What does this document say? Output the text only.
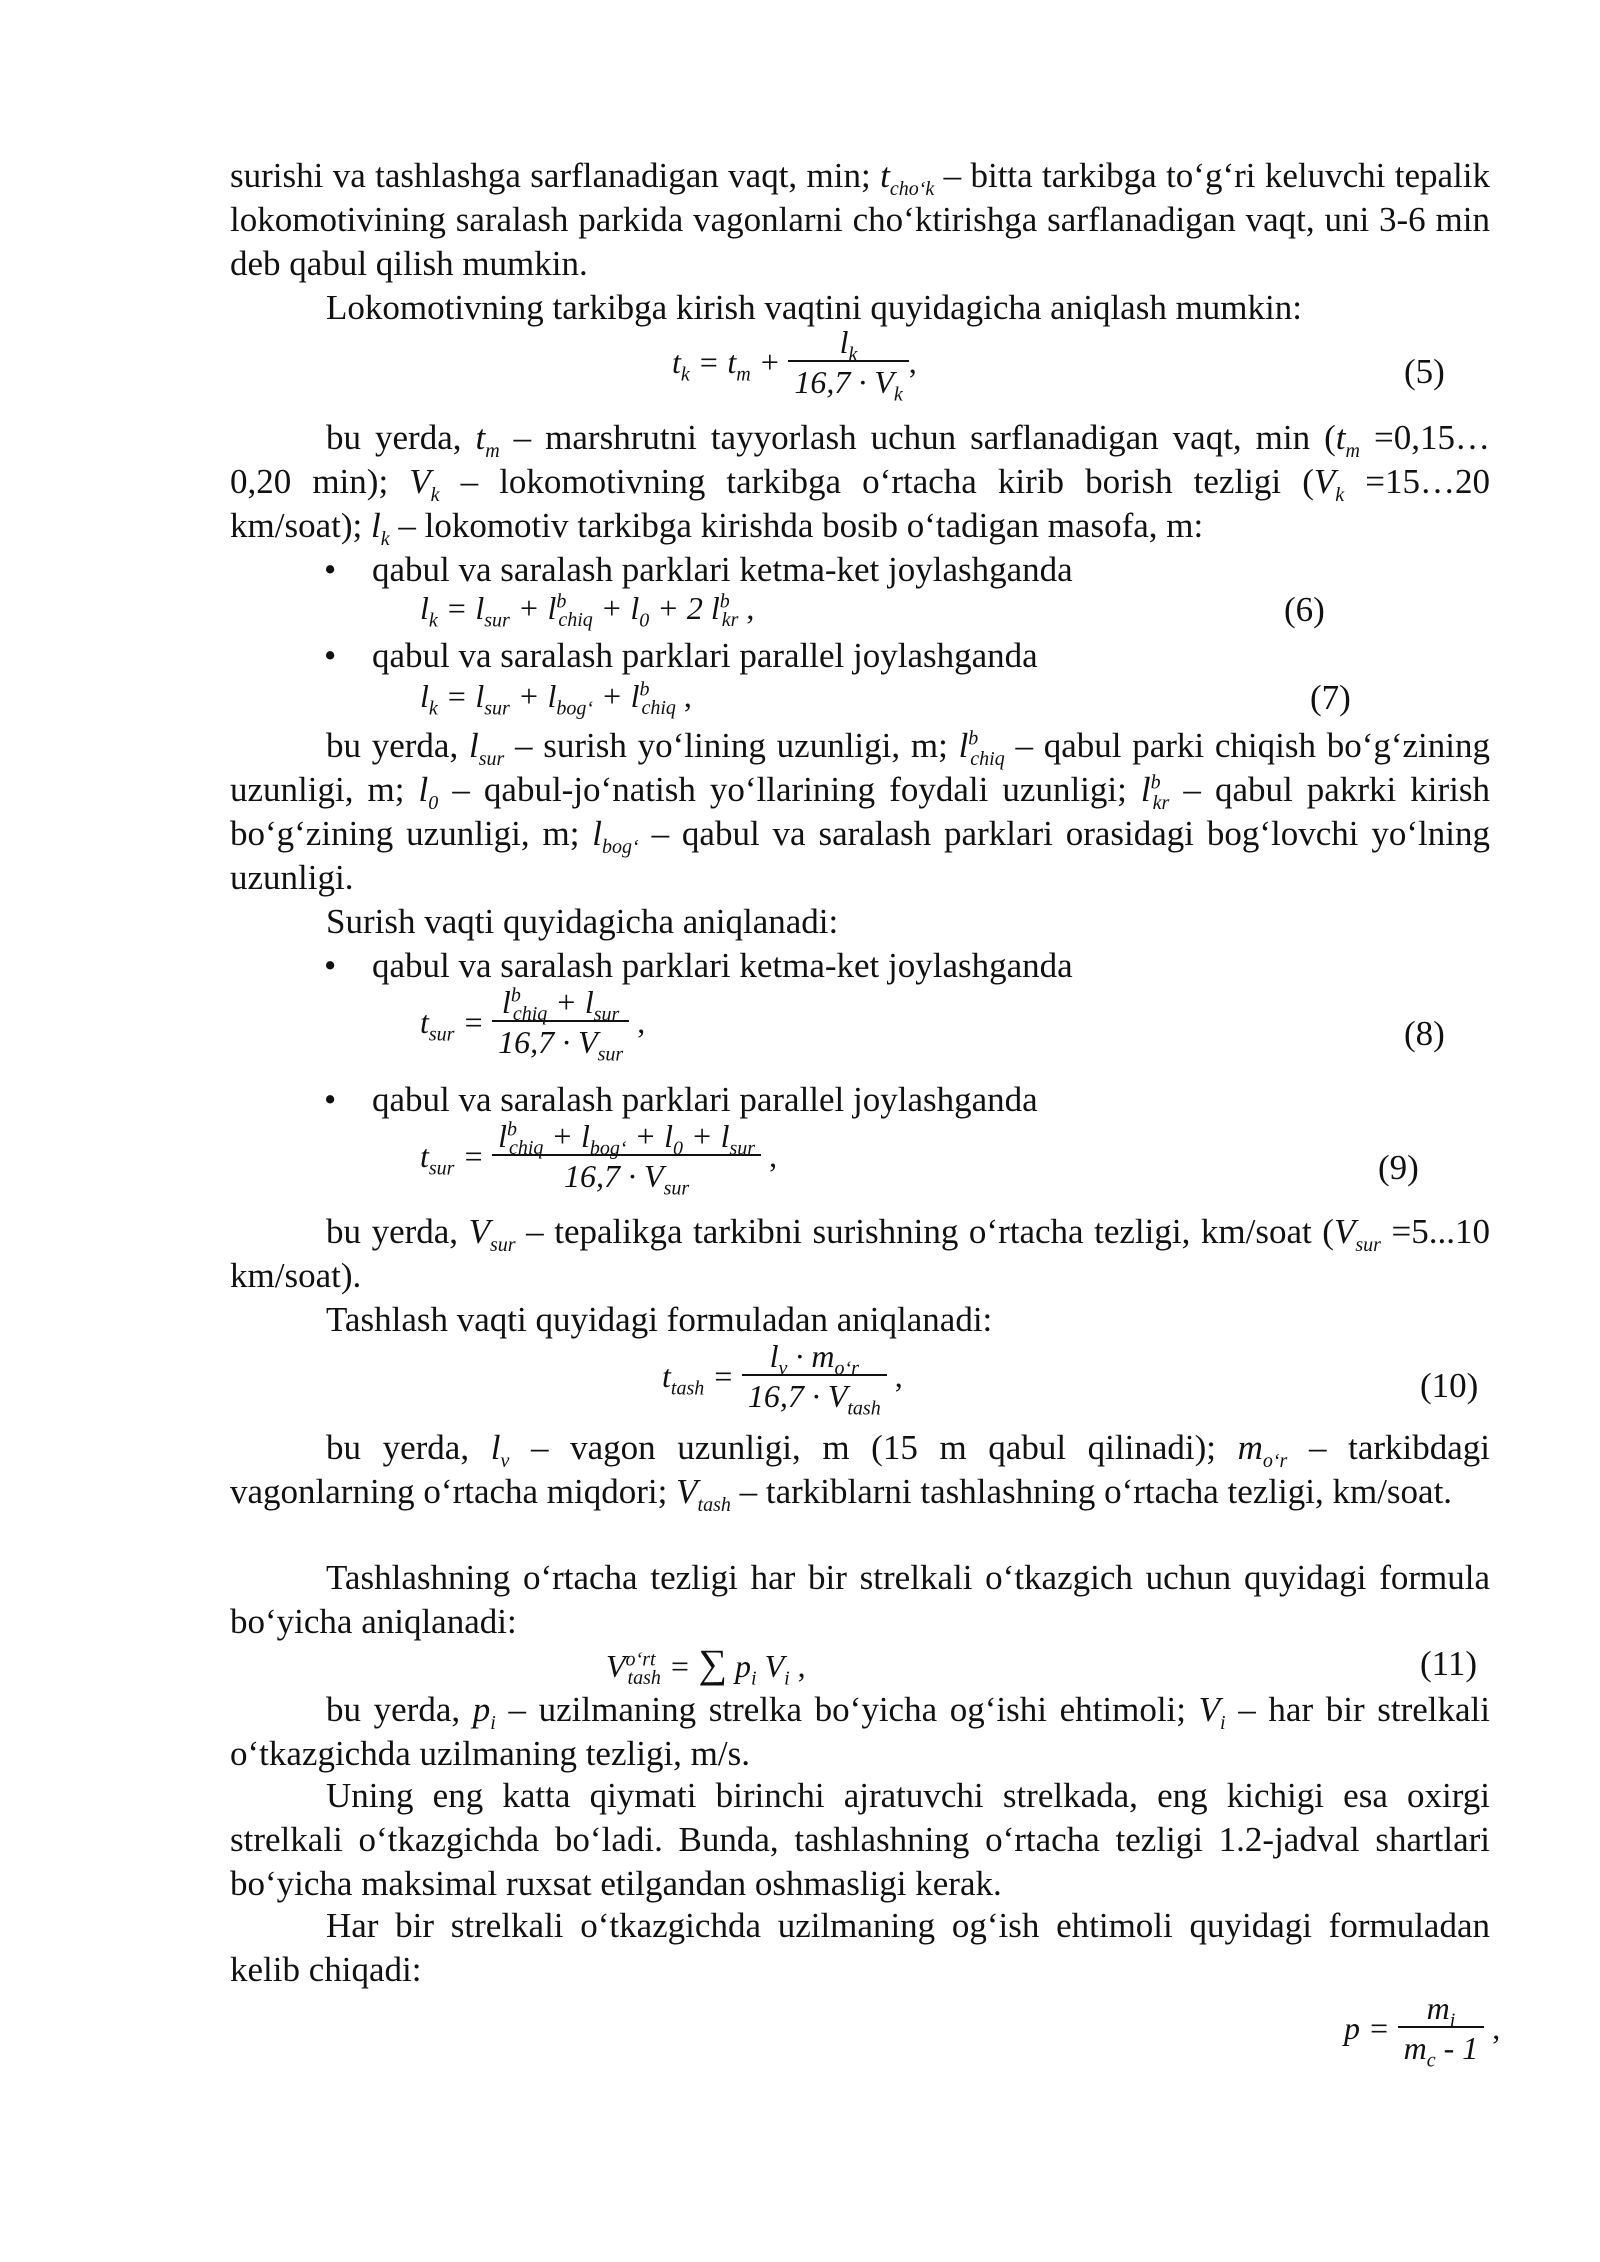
surishi va tashlashga sarflanadigan vaqt, min; $t_{cho‘k}$ – bitta tarkibga to‘g‘ri keluvchi tepalik lokomotivining saralash parkida vagonlarni cho‘ktirishga sarflanadigan vaqt, uni 3-6 min deb qabul qilish mumkin.
Lokomotivning tarkibga kirish vaqtini quyidagicha aniqlash mumkin:
$t_k = t_m + \frac{l_k}{16,7 \cdot V_k}$ ,	(5)
bu yerda, $t_m$ – marshrutni tayyorlash uchun sarflanadigan vaqt, $\min (t_m$ =0,15…0,20 min); $V_k$ – lokomotivning tarkibga o‘rtacha kirib borish tezligi ($V_k$ =15…20 km/soat); $l_k$ – lokomotiv tarkibga kirishda bosib o‘tadigan masofa, m:
• qabul va saralash parklari ketma-ket joylashganda
$l_k = l_{sur} + l^b_{chiq} + l_0 + 2$ $l^b_{kr}$ ,	(6)
• qabul va saralash parklari parallel joylashganda
$l_k = l_{sur} + l_{bog‘} + l^b_{chiq}$ ,	(7)
bu yerda, $l_{sur}$ – surish yo‘lining uzunligi, m; $l^b_{chiq}$ – qabul parki chiqish bo‘g‘zining uzunligi, m; $l_0$ – qabul-jo‘natish yo‘llarining foydali uzunligi; $l^b_{kr}$ – qabul pakrki kirish bo‘g‘zining uzunligi, m; $l_{bog‘}$ – qabul va saralash parklari orasidagi bog‘lovchi yo‘lning uzunligi.
Surish vaqti quyidagicha aniqlanadi:
• qabul va saralash parklari ketma-ket joylashganda
$t_{sur} = \frac{l^b_{chiq} + l_{sur}}{16,7 \cdot V_{sur}}$ ,	(8)
• qabul va saralash parklari parallel joylashganda
$t_{sur} = \frac{l^b_{chiq} + l_{bog‘} + l_0 + l_{sur}}{16,7 \cdot V_{sur}}$ ,	(9)
bu yerda, $V_{sur}$ – tepalikga tarkibni surishning o‘rtacha tezligi, km/soat ($V_{sur} =5...10$ km/soat).
Tashlash vaqti quyidagi formuladan aniqlanadi:
$t_{tash} = \frac{l_v \cdot m_{o‘r}}{16,7 \cdot V_{tash}}$ ,	(10)
bu yerda, $l_v$ – vagon uzunligi, m (15 m qabul qilinadi); $m_{o‘r}$ – tarkibdagi vagonlarning o‘rtacha miqdori; $V_{tash}$ – tarkiblarni tashlashning o‘rtacha tezligi, km/soat.
Tashlashning o‘rtacha tezligi har bir strelkali o‘tkazgich uchun quyidagi formula bo‘yicha aniqlanadi:
$V^{o‘rt}_{tash}$ = ∑ $p_i$ $V_i$ ,	(11)
bu yerda, $p_i$ – uzilmaning strelka bo‘yicha og‘ishi ehtimoli; $V_i$ – har bir strelkali o‘tkazgichda uzilmaning tezligi, m/s.
Uning eng katta qiymati birinchi ajratuvchi strelkada, eng kichigi esa oxirgi strelkali o‘tkazgichda bo‘ladi. Bunda, tashlashning o‘rtacha tezligi 1.2-jadval shartlari bo‘yicha maksimal ruxsat etilgandan oshmasligi kerak.
Har bir strelkali o‘tkazgichda uzilmaning og‘ish ehtimoli quyidagi formuladan kelib chiqadi:
$p = \frac{m_i}{m_c - 1}$ ,
